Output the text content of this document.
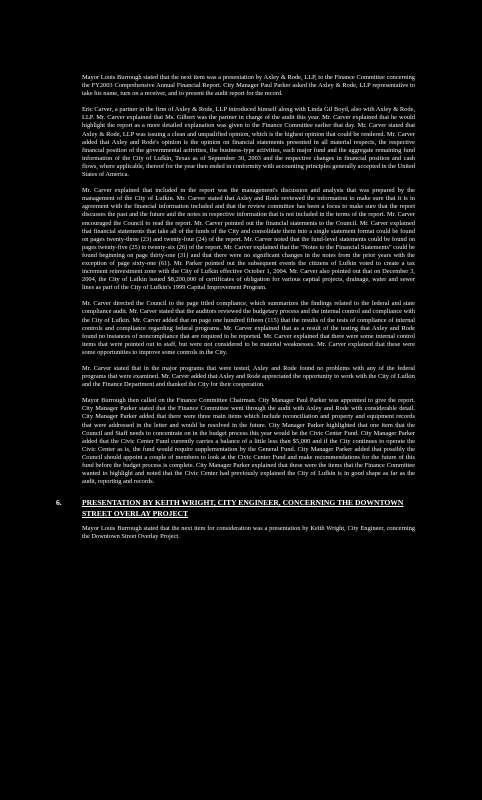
Mayor Louis Burrough stated that the next item was a presentation by Axley & Rode, LLP, to the Finance Committee concerning the FY2003 Comprehensive Annual Financial Report. City Manager Paul Parker asked the Axley & Rode, LLP representative to take his name, turn on a receiver, and to present the audit report for the record.

Eric Carver, a partner in the firm of Axley & Rode, LLP introduced himself along with Linda Gil Boyd, also with Axley & Rode, LLP. Mr. Carver explained that Ms. Gilbert was the partner in charge of the audit this year. Mr. Carver explained that he would highlight the report as a more detailed explanation was given to the Finance Committee earlier that day. Mr. Carver stated that Axley & Rode, LLP was issuing a clean and unqualified opinion, which is the highest opinion that could be rendered. Mr. Carver added that Axley and Rode's opinion is the opinion on financial statements presented in all material respects, the respective financial position of the governmental activities, the business-type activities, each major fund and the aggregate remaining fund information of the City of Lufkin, Texas as of September 30, 2003 and the respective changes in financial position and cash flows, where applicable, thereof for the year then ended in conformity with accounting principles generally accepted in the United States of America.

Mr. Carver explained that included in the report was the management's discussion and analysis that was prepared by the management of the City of Lufkin. Mr. Carver stated that Axley and Rode reviewed the information to make sure that it is in agreement with the financial information included and that the review committee has been a focus to make sure that the report discusses the past and the future and the notes in respective information that is not included in the terms of the report. Mr. Carver encouraged the Council to read the report. Mr. Carver pointed out the financial statements to the Council. Mr. Carver explained that financial statements that take all of the funds of the City and consolidate them into a single statement format could be found on pages twenty-three (23) and twenty-four (24) of the report. Mr. Carver noted that the fund-level statements could be found on pages twenty-five (25) to twenty-six (26) of the report. Mr. Carver explained that the "Notes to the Financial Statements" could be found beginning on page thirty-one (31) and that there were no significant changes in the notes from the prior years with the exception of page sixty-one (61). Mr. Parker pointed out the subsequent events the citizens of Lufkin voted to create a tax increment reinvestment zone with the City of Lufkin effective October 1, 2004. Mr. Carver also pointed out that on December 3, 2004, the City of Lufkin issued $8,200,000 of certificates of obligation for various capital projects, drainage, water and sewer lines as part of the City of Lufkin's 1999 Capital Improvement Program.

Mr. Carver directed the Council to the page titled compliance, which summarizes the findings related to the federal and state compliance audit. Mr. Carver stated that the auditors reviewed the budgetary process and the internal control and compliance with the City of Lufkin. Mr. Carver added that on page one hundred fifteen (115) that the results of the tests of compliance of internal controls and compliance regarding federal programs. Mr. Carver explained that as a result of the testing that Axley and Rode found no instances of noncompliance that are required to be reported. Mr. Carver explained that there were some internal control items that were pointed out to staff, but were not considered to be material weaknesses. Mr. Carver explained that these were some opportunities to improve some controls in the City.

Mr. Carver stated that in the major programs that were tested, Axley and Rode found no problems with any of the federal programs that were examined. Mr. Carver added that Axley and Rode appreciated the opportunity to work with the City of Lufkin and the Finance Department and thanked the City for their cooperation.

Mayor Burrough then called on the Finance Committee Chairman. City Manager Paul Parker was appointed to give the report. City Manager Parker stated that the Finance Committee went through the audit with Axley and Rode with considerable detail. City Manager Parker added that there were three main items which include reconciliation and property and equipment records that were addressed in the letter and would be resolved in the future. City Manager Parker highlighted that one item that the Council and Staff needs to concentrate on in the budget process this year would be the Civic Center Fund. City Manager Parker added that the Civic Center Fund currently carries a balance of a little less than $5,000 and if the City continues to operate the Civic Center as is, the fund would require supplementation by the General Fund. City Manager Parker added that possibly the Council should appoint a couple of members to look at the Civic Center Fund and make recommendations for the future of this fund before the budget process is complete. City Manager Parker explained that these were the items that the Finance Committee wanted to highlight and noted that the Civic Center had previously explained the City of Lufkin is in good shape as far as the audit, reporting and records.

6.	PRESENTATION BY KEITH WRIGHT, CITY ENGINEER, CONCERNING THE DOWNTOWN STREET OVERLAY PROJECT

Mayor Louis Burrough stated that the next item for consideration was a presentation by Keith Wright, City Engineer, concerning the Downtown Street Overlay Project.
